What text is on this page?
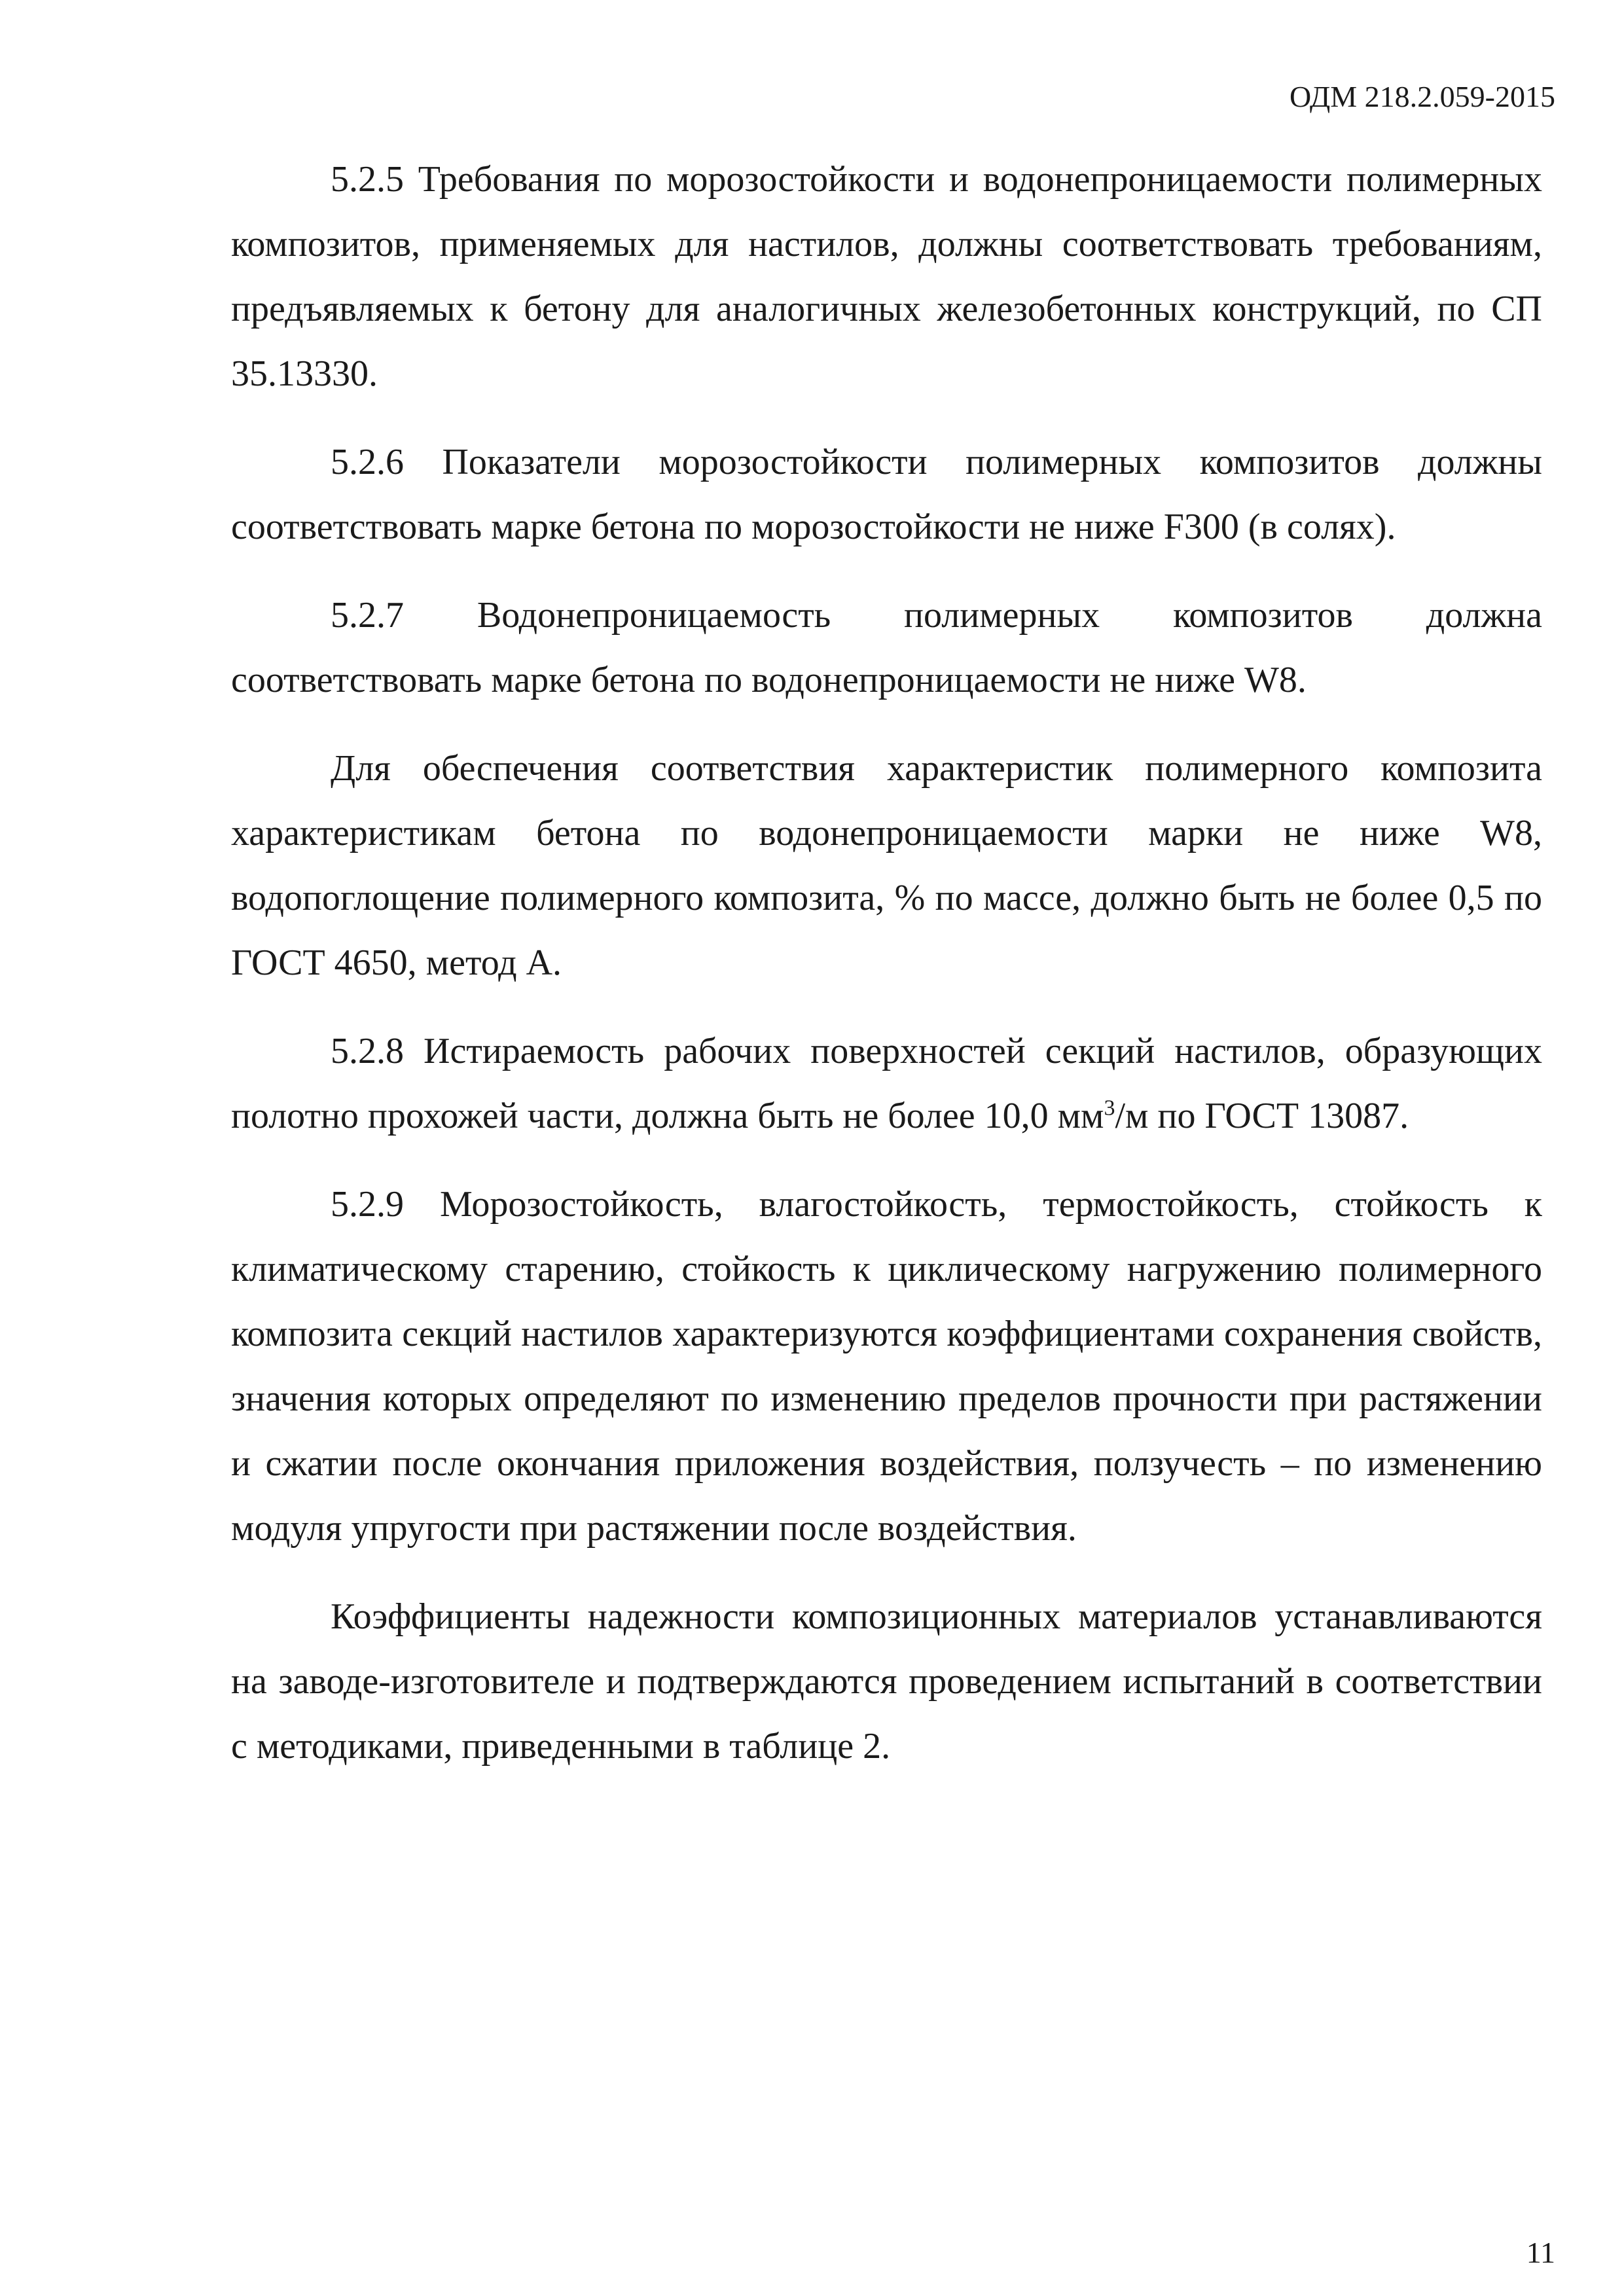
ОДМ 218.2.059-2015

5.2.5 Требования по морозостойкости и водонепроницаемости полимерных композитов, применяемых для настилов, должны соответствовать требованиям, предъявляемых к бетону для аналогичных железобетонных конструкций, по СП 35.13330.

5.2.6 Показатели морозостойкости полимерных композитов должны соответствовать марке бетона по морозостойкости не ниже F300 (в солях).

5.2.7 Водонепроницаемость полимерных композитов должна соответствовать марке бетона по водонепроницаемости не ниже W8.

Для обеспечения соответствия характеристик полимерного композита характеристикам бетона по водонепроницаемости марки не ниже W8, водопоглощение полимерного композита, % по массе, должно быть не более 0,5 по ГОСТ 4650, метод А.

5.2.8 Истираемость рабочих поверхностей секций настилов, образующих полотно прохожей части, должна быть не более 10,0 $мм^3/м$ по ГОСТ 13087.

5.2.9 Морозостойкость, влагостойкость, термостойкость, стойкость к климатическому старению, стойкость к циклическому нагружению полимерного композита секций настилов характеризуются коэффициентами сохранения свойств, значения которых определяют по изменению пределов прочности при растяжении и сжатии после окончания приложения воздействия, ползучесть – по изменению модуля упругости при растяжении после воздействия.

Коэффициенты надежности композиционных материалов устанавливаются на заводе-изготовителе и подтверждаются проведением испытаний в соответствии с методиками, приведенными в таблице 2.

11
